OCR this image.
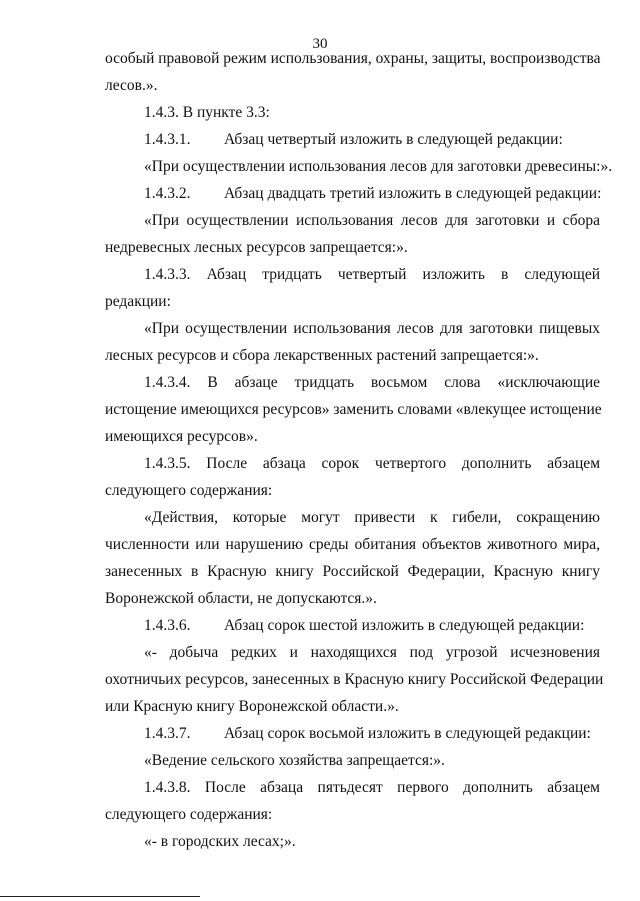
30
особый правовой режим использования, охраны, защиты, воспроизводства
лесов.».
1.4.3. В пункте 3.3:
1.4.3.1. Абзац четвертый изложить в следующей редакции:
«При осуществлении использования лесов для заготовки древесины:».
1.4.3.2. Абзац двадцать третий изложить в следующей редакции:
«При осуществлении использования лесов для заготовки и сбора
недревесных лесных ресурсов запрещается:».
1.4.3.3. Абзац тридцать четвертый изложить в следующей
редакции:
«При осуществлении использования лесов для заготовки пищевых
лесных ресурсов и сбора лекарственных растений запрещается:».
1.4.3.4. В абзаце тридцать восьмом слова «исключающие
истощение имеющихся ресурсов» заменить словами «влекущее истощение
имеющихся ресурсов».
1.4.3.5. После абзаца сорок четвертого дополнить абзацем
следующего содержания:
«Действия, которые могут привести к гибели, сокращению
численности или нарушению среды обитания объектов животного мира,
занесенных в Красную книгу Российской Федерации, Красную книгу
Воронежской области, не допускаются.».
1.4.3.6. Абзац сорок шестой изложить в следующей редакции:
«- добыча редких и находящихся под угрозой исчезновения
охотничьих ресурсов, занесенных в Красную книгу Российской Федерации
или Красную книгу Воронежской области.».
1.4.3.7. Абзац сорок восьмой изложить в следующей редакции:
«Ведение сельского хозяйства запрещается:».
1.4.3.8. После абзаца пятьдесят первого дополнить абзацем
следующего содержания:
«- в городских лесах;».
